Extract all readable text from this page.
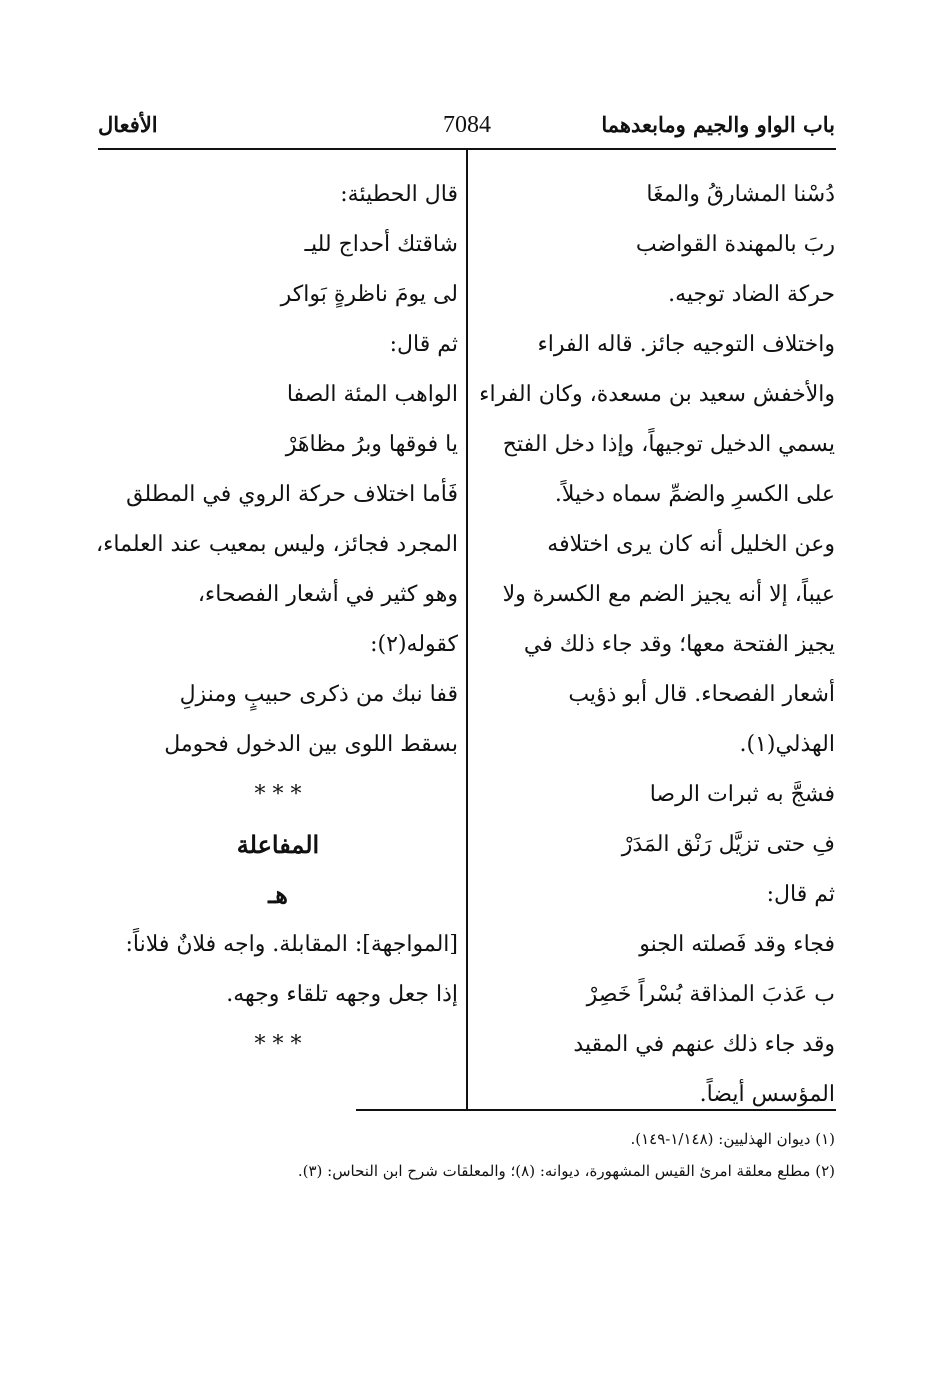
باب الواو والجيم ومابعدهما
7084
الأفعال
دُسْنا المشارقُ والمغَا
ربَ بالمهندة القواضب
حركة الضاد توجيه.
واختلاف التوجيه جائز. قاله الفراء
والأخفش سعيد بن مسعدة، وكان الفراء
يسمي الدخيل توجيهاً، وإذا دخل الفتح
على الكسرِ والضمِّ سماه دخيلاً.
وعن الخليل أنه كان يرى اختلافه
عيباً، إلا أنه يجيز الضم مع الكسرة ولا
يجيز الفتحة معها؛ وقد جاء ذلك في
أشعار الفصحاء. قال أبو ذؤيب
الهذلي(١).
فشجَّ به ثبرات الرصا
فِ حتى تزيَّل رَنْق المَدَرْ
ثم قال:
فجاء وقد فَصلته الجنو
ب عَذبَ المذاقة بُسْراً خَصِرْ
وقد جاء ذلك عنهم في المقيد
المؤسس أيضاً.
قال الحطيئة:
شاقتك أحداج لليـ
لى يومَ ناظرةٍ بَواكر
ثم قال:
الواهب المئة الصفا
يا فوقها وبرُ مظاهَرْ
فَأما اختلاف حركة الروي في المطلق
المجرد فجائز، وليس بمعيب عند العلماء،
وهو كثير في أشعار الفصحاء،
كقوله(٢):
قفا نبك من ذكرى حبيبٍ ومنزلِ
بسقط اللوى بين الدخول فحومل
* * *
المفاعلة
هـ
[المواجهة]: المقابلة. واجه فلانٌ فلاناً:
إذا جعل وجهه تلقاء وجهه.
* * *
(١) ديوان الهذليين: (١/١٤٨-١٤٩).
(٢) مطلع معلقة امرئ القيس المشهورة، ديوانه: (٨)؛ والمعلقات شرح ابن النحاس: (٣).
